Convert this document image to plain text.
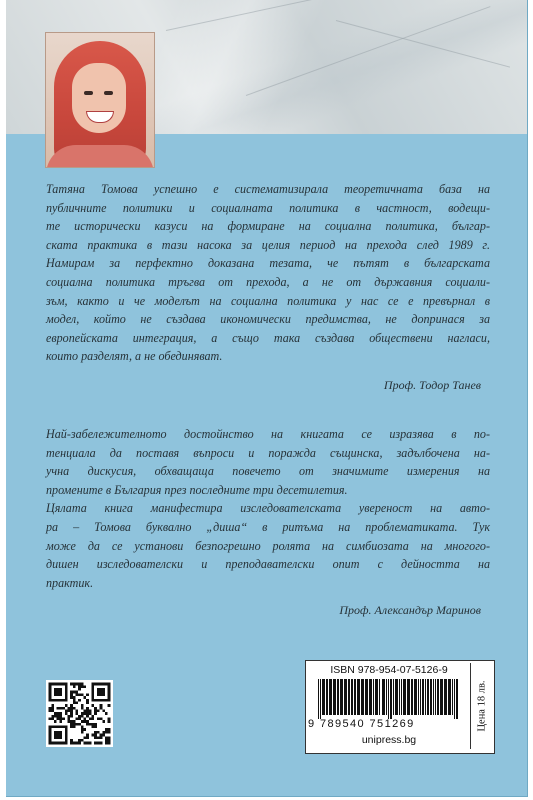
Татяна Томова успешно е систематизирала теоретичната база на
публичните политики и социалната политика в частност, водещи-
те исторически казуси на формиране на социална политика, българ-
ската практика в тази насока за целия период на прехода след 1989 г.
Намирам за перфектно доказана тезата, че пътят в българската
социална политика тръгва от прехода, а не от държавния социали-
зъм, както и че моделът на социална политика у нас се е превърнал в
модел, който не създава икономически предимства, не допринася за
европейската интеграция, а също така създава обществени нагласи,
които разделят, а не обединяват.
Проф. Тодор Танев
Най-забележителното достойнство на книгата се изразява в по-
тенциала да поставя въпроси и поражда същинска, задълбочена на-
учна дискусия, обхващаща повечето от значимите измерения на
промените в България през последните три десетилетия.
Цялата книга манифестира изследователската увереност на авто-
ра – Томова буквално „диша“ в ритъма на проблематиката. Тук
може да се установи безпогрешно ролята на симбиозата на многого-
дишен изследователски и преподавателски опит с дейността на
практик.
Проф. Александър Маринов
ISBN 978-954-07-5126-9
9 789540 751269
unipress.bg
Цена 18 лв.
